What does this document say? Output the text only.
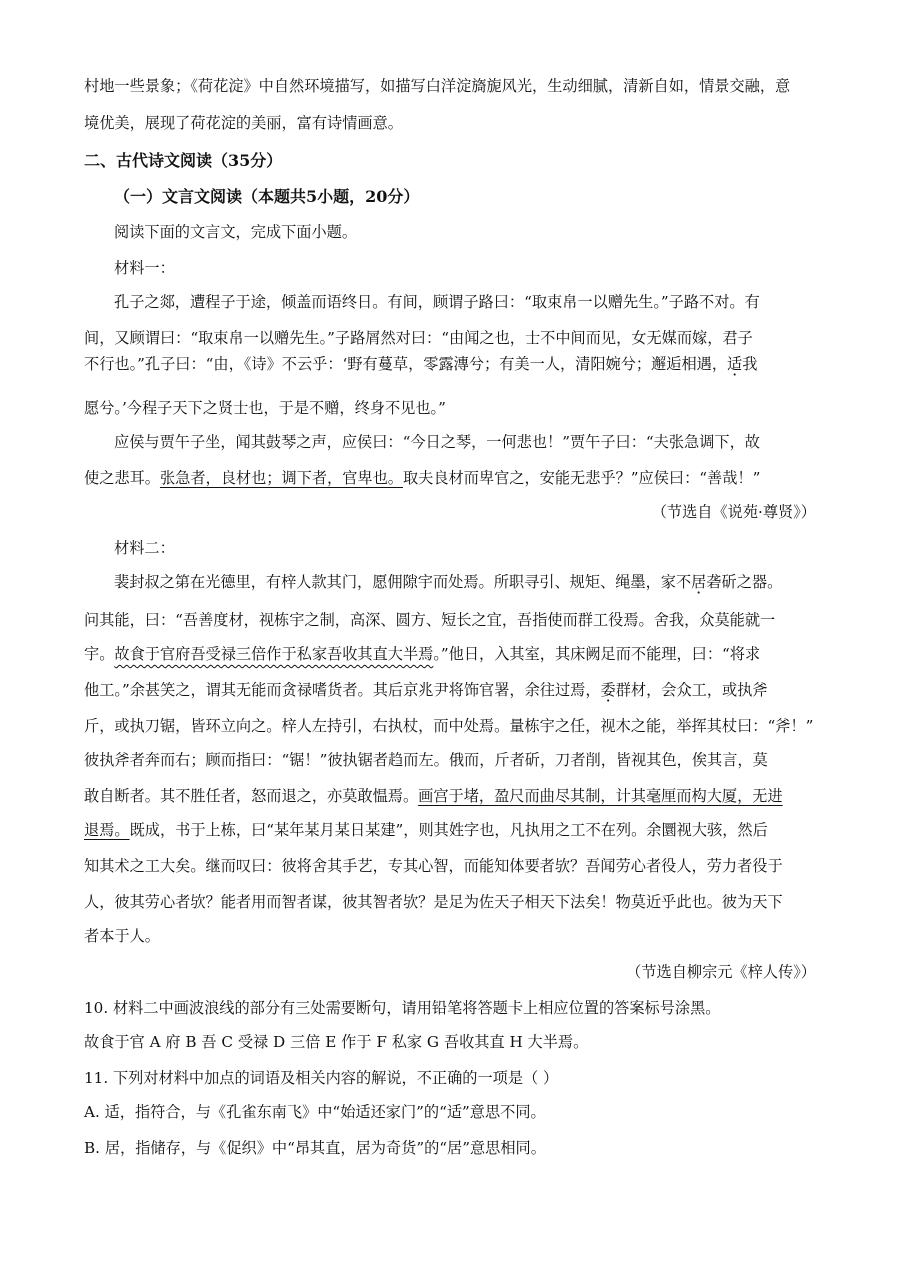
村地一些景象；《荷花淀》中自然环境描写，如描写白洋淀旖旎风光，生动细腻，清新自如，情景交融，意
境优美，展现了荷花淀的美丽，富有诗情画意。
二、古代诗文阅读（35分）
（一）文言文阅读（本题共5小题，20分）
阅读下面的文言文，完成下面小题。
材料一：
孔子之郯，遭程子于途，倾盖而语终日。有间，顾谓子路曰：“取束帛一以赠先生。”子路不对。有
间，又顾谓曰：“取束帛一以赠先生。”子路屑然对曰：“由闻之也，士不中间而见，女无媒而嫁，君子
不行也。”孔子曰：“由，《诗》不云乎：‘野有蔓草，零露漙兮；有美一人，清阳婉兮；邂逅相遇，适我
愿兮。’今程子天下之贤士也，于是不赠，终身不见也。”
应侯与贾午子坐，闻其鼓琴之声，应侯曰：“今日之琴，一何悲也！”贾午子曰：“夫张急调下，故
使之悲耳。张急者，良材也；调下者，官卑也。取夫良材而卑官之，安能无悲乎？”应侯曰：“善哉！”
（节选自《说苑·尊贤》）
材料二：
裴封叔之第在光德里，有梓人款其门，愿佣隙宇而处焉。所职寻引、规矩、绳墨，家不居砻斫之器。
问其能，曰：“吾善度材，视栋宇之制，高深、圆方、短长之宜，吾指使而群工役焉。舍我，众莫能就一
宇。故食于官府吾受禄三倍作于私家吾收其直大半焉。”他日，入其室，其床阙足而不能理，曰：“将求
他工。”余甚笑之，谓其无能而贪禄嗜货者。其后京兆尹将饰官署，余往过焉，委群材，会众工，或执斧
斤，或执刀锯，皆环立向之。梓人左持引，右执杖，而中处焉。量栋宇之任，视木之能，举挥其杖曰：“斧！”
彼执斧者奔而右；顾而指曰：“锯！”彼执锯者趋而左。俄而，斤者斫，刀者削，皆视其色，俟其言，莫
敢自断者。其不胜任者，怒而退之，亦莫敢愠焉。画宫于堵，盈尺而曲尽其制，计其毫厘而构大厦，无进
退焉。既成，书于上栋，曰“某年某月某日某建”，则其姓字也，凡执用之工不在列。余圜视大骇，然后
知其术之工大矣。继而叹曰：彼将舍其手艺，专其心智，而能知体要者欤？吾闻劳心者役人，劳力者役于
人，彼其劳心者欤？能者用而智者谋，彼其智者欤？是足为佐天子相天下法矣！物莫近乎此也。彼为天下
者本于人。
（节选自柳宗元《梓人传》）
10. 材料二中画波浪线的部分有三处需要断句，请用铅笔将答题卡上相应位置的答案标号涂黑。
故食于官 A 府 B 吾 C 受禄 D 三倍 E 作于 F 私家 G 吾收其直 H 大半焉。
11. 下列对材料中加点的词语及相关内容的解说，不正确的一项是（ ）
A. 适，指符合，与《孔雀东南飞》中“始适还家门”的“适”意思不同。
B. 居，指储存，与《促织》中“昂其直，居为奇货”的“居”意思相同。
